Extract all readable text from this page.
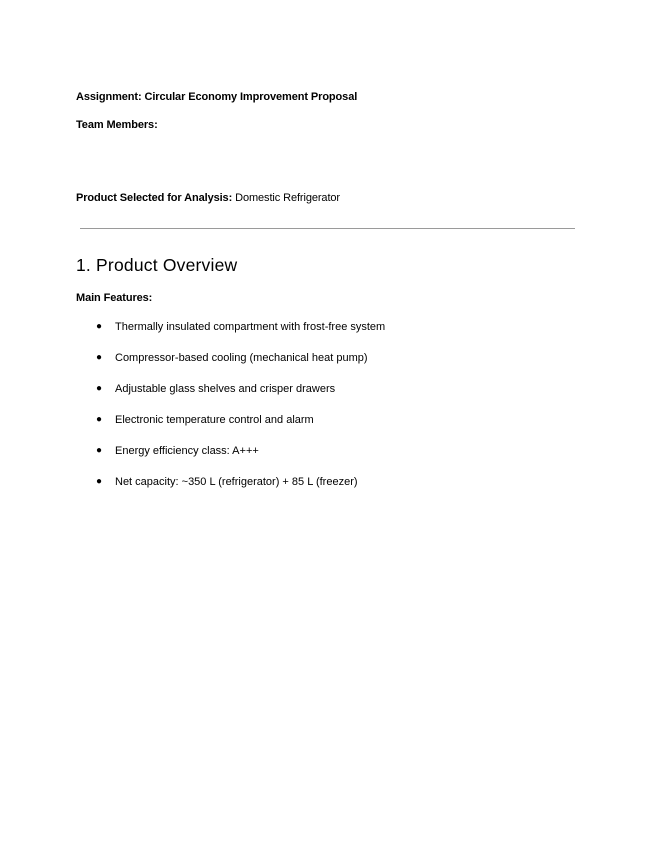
Assignment: Circular Economy Improvement Proposal
Team Members:
Product Selected for Analysis: Domestic Refrigerator
1. Product Overview
Main Features:
●	Thermally insulated compartment with frost-free system
●	Compressor-based cooling (mechanical heat pump)
●	Adjustable glass shelves and crisper drawers
●	Electronic temperature control and alarm
●	Energy efficiency class: A+++
●	Net capacity: ~350 L (refrigerator) + 85 L (freezer)
